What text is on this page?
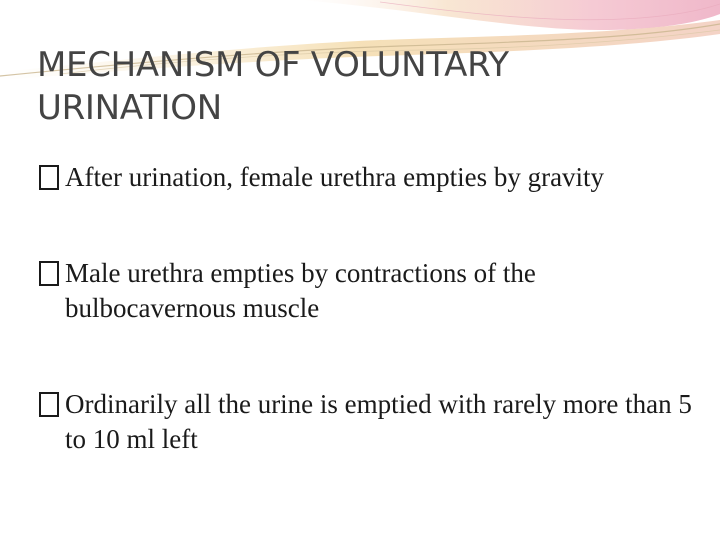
MECHANISM OF VOLUNTARY URINATION
After urination, female urethra empties by gravity
Male urethra empties by contractions of the bulbocavernous muscle
Ordinarily all the urine is emptied with rarely more than 5 to 10 ml left
